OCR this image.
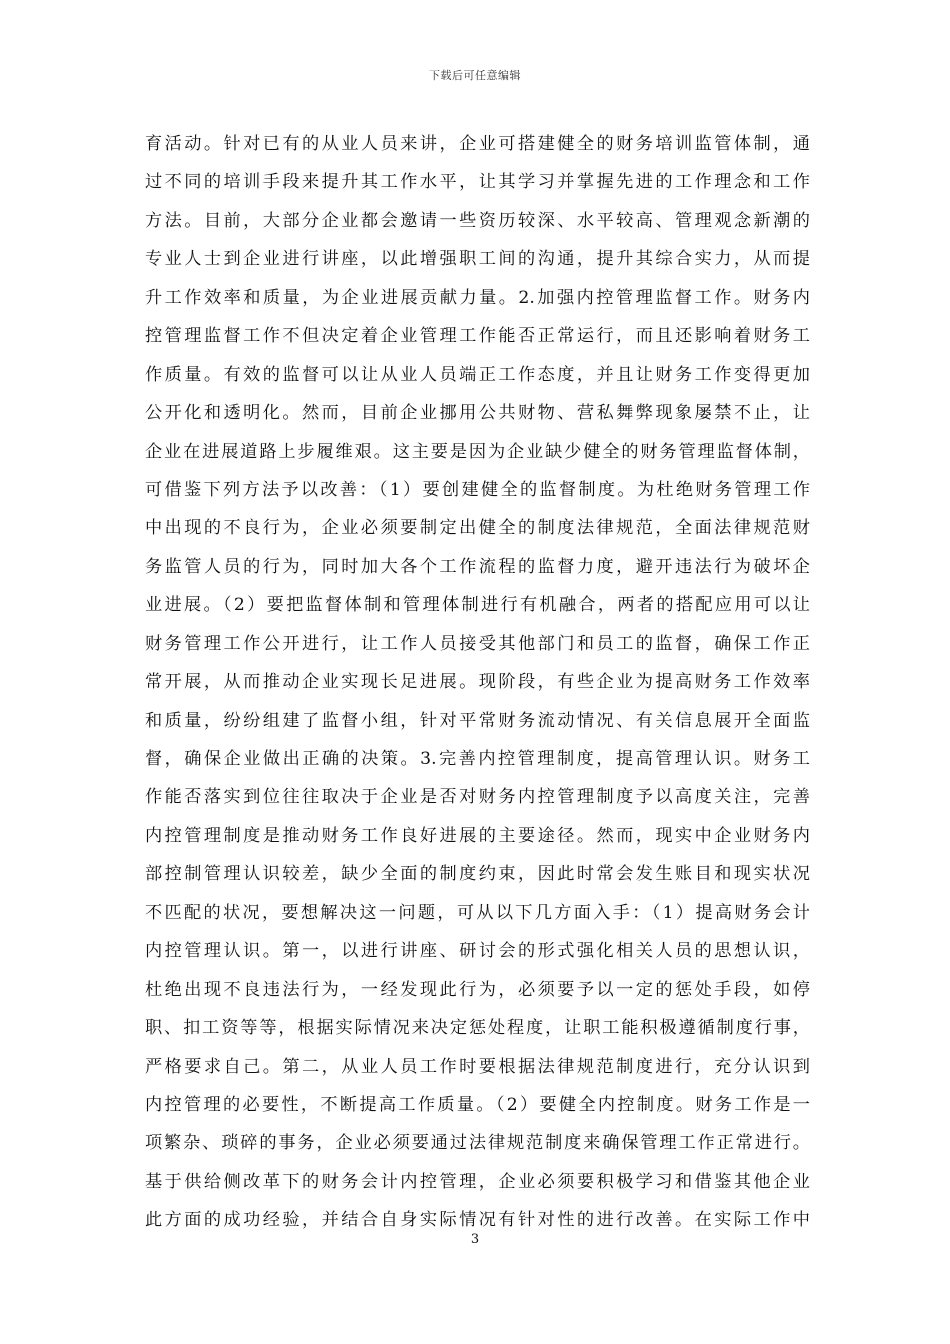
下载后可任意编辑
育活动。针对已有的从业人员来讲，企业可搭建健全的财务培训监管体制，通
过不同的培训手段来提升其工作水平，让其学习并掌握先进的工作理念和工作
方法。目前，大部分企业都会邀请一些资历较深、水平较高、管理观念新潮的
专业人士到企业进行讲座，以此增强职工间的沟通，提升其综合实力，从而提
升工作效率和质量，为企业进展贡献力量。2.加强内控管理监督工作。财务内
控管理监督工作不但决定着企业管理工作能否正常运行，而且还影响着财务工
作质量。有效的监督可以让从业人员端正工作态度，并且让财务工作变得更加
公开化和透明化。然而，目前企业挪用公共财物、营私舞弊现象屡禁不止，让
企业在进展道路上步履维艰。这主要是因为企业缺少健全的财务管理监督体制，
可借鉴下列方法予以改善：（1）要创建健全的监督制度。为杜绝财务管理工作
中出现的不良行为，企业必须要制定出健全的制度法律规范，全面法律规范财
务监管人员的行为，同时加大各个工作流程的监督力度，避开违法行为破坏企
业进展。（2）要把监督体制和管理体制进行有机融合，两者的搭配应用可以让
财务管理工作公开进行，让工作人员接受其他部门和员工的监督，确保工作正
常开展，从而推动企业实现长足进展。现阶段，有些企业为提高财务工作效率
和质量，纷纷组建了监督小组，针对平常财务流动情况、有关信息展开全面监
督，确保企业做出正确的决策。3.完善内控管理制度，提高管理认识。财务工
作能否落实到位往往取决于企业是否对财务内控管理制度予以高度关注，完善
内控管理制度是推动财务工作良好进展的主要途径。然而，现实中企业财务内
部控制管理认识较差，缺少全面的制度约束，因此时常会发生账目和现实状况
不匹配的状况，要想解决这一问题，可从以下几方面入手：（1）提高财务会计
内控管理认识。第一，以进行讲座、研讨会的形式强化相关人员的思想认识，
杜绝出现不良违法行为，一经发现此行为，必须要予以一定的惩处手段，如停
职、扣工资等等，根据实际情况来决定惩处程度，让职工能积极遵循制度行事，
严格要求自己。第二，从业人员工作时要根据法律规范制度进行，充分认识到
内控管理的必要性，不断提高工作质量。（2）要健全内控制度。财务工作是一
项繁杂、琐碎的事务，企业必须要通过法律规范制度来确保管理工作正常进行。
基于供给侧改革下的财务会计内控管理，企业必须要积极学习和借鉴其他企业
此方面的成功经验，并结合自身实际情况有针对性的进行改善。在实际工作中
3
